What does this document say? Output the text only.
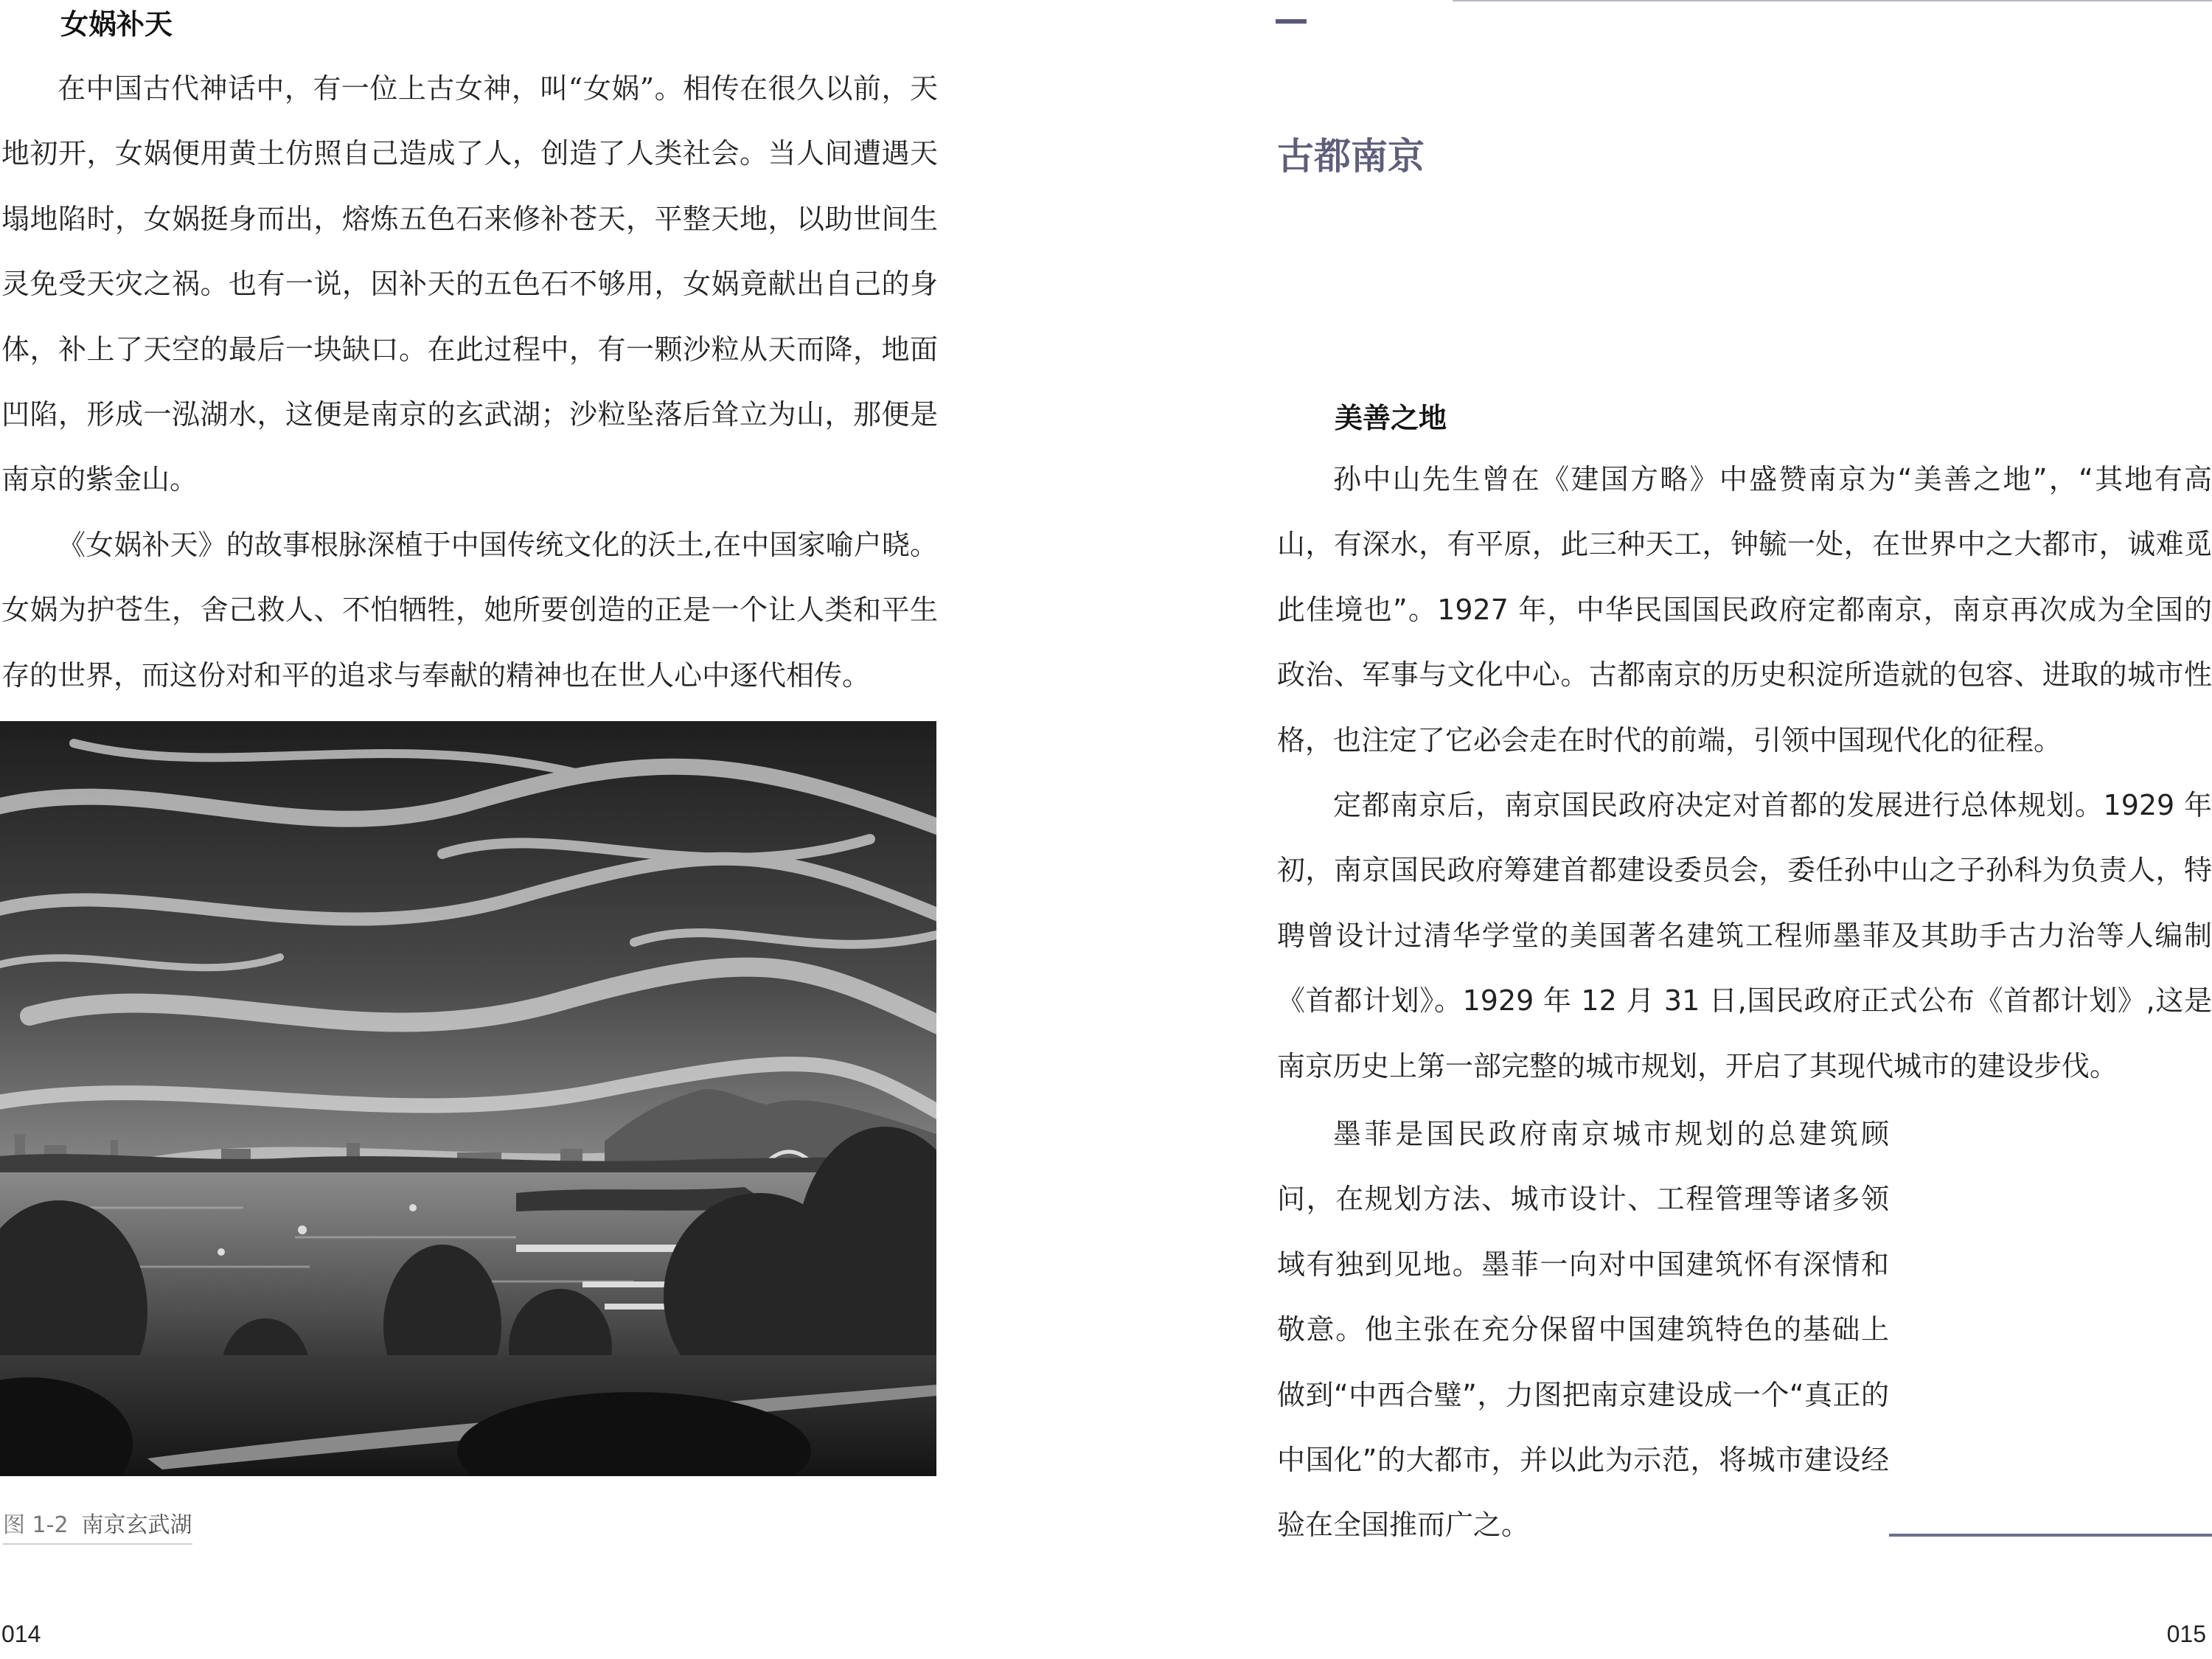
女娲补天

在中国古代神话中，有一位上古女神，叫“女娲”。相传在很久以前，天地初开，女娲便用黄土仿照自己造成了人，创造了人类社会。当人间遭遇天塌地陷时，女娲挺身而出，熔炼五色石来修补苍天，平整天地，以助世间生灵免受天灾之祸。也有一说，因补天的五色石不够用，女娲竟献出自己的身体，补上了天空的最后一块缺口。在此过程中，有一颗沙粒从天而降，地面凹陷，形成一泓湖水，这便是南京的玄武湖；沙粒坠落后耸立为山，那便是南京的紫金山。

《女娲补天》的故事根脉深植于中国传统文化的沃土,在中国家喻户晓。女娲为护苍生，舍己救人、不怕牺牲，她所要创造的正是一个让人类和平生存的世界，而这份对和平的追求与奉献的精神也在世人心中逐代相传。

图 1-2 南京玄武湖
014
古都南京
美善之地

孙中山先生曾在《建国方略》中盛赞南京为“美善之地”，“其地有高山，有深水，有平原，此三种天工，钟毓一处，在世界中之大都市，诚难觅此佳境也”。1927 年，中华民国国民政府定都南京，南京再次成为全国的政治、军事与文化中心。古都南京的历史积淀所造就的包容、进取的城市性格，也注定了它必会走在时代的前端，引领中国现代化的征程。

定都南京后，南京国民政府决定对首都的发展进行总体规划。1929 年初，南京国民政府筹建首都建设委员会，委任孙中山之子孙科为负责人，特聘曾设计过清华学堂的美国著名建筑工程师墨菲及其助手古力治等人编制《首都计划》。1929 年 12 月 31 日,国民政府正式公布《首都计划》,这是南京历史上第一部完整的城市规划，开启了其现代城市的建设步伐。

墨菲是国民政府南京城市规划的总建筑顾问，在规划方法、城市设计、工程管理等诸多领域有独到见地。墨菲一向对中国建筑怀有深情和敬意。他主张在充分保留中国建筑特色的基础上做到“中西合璧”，力图把南京建设成一个“真正的中国化”的大都市，并以此为示范，将城市建设经验在全国推而广之。

015
